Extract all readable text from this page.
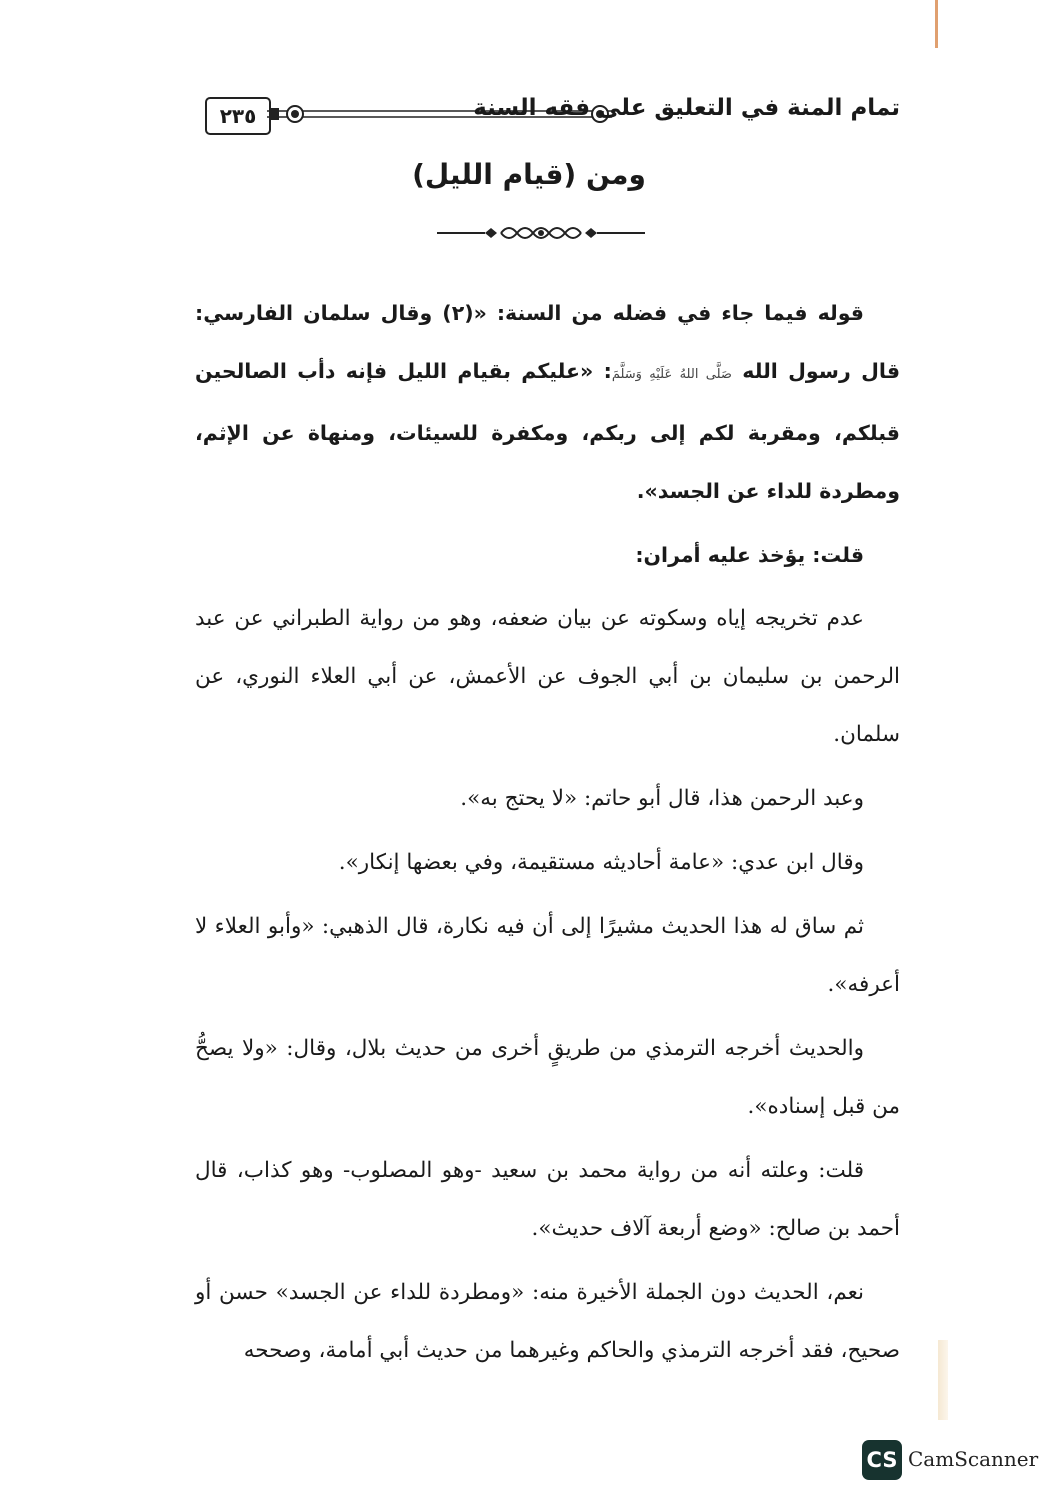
٢٣٥	تمام المنة في التعليق على فقه السنة
ومن (قيام الليل)

قوله فيما جاء في فضله من السنة: «(٢) وقال سلمان الفارسي: قال رسول الله صَلَّى اللهُ عَلَيْهِ وَسَلَّمَ: «عليكم بقيام الليل فإنه دأب الصالحين قبلكم، ومقربة لكم إلى ربكم، ومكفرة للسيئات، ومنهاة عن الإثم، ومطردة للداء عن الجسد».

قلت: يؤخذ عليه أمران:

عدم تخريجه إياه وسكوته عن بيان ضعفه، وهو من رواية الطبراني عن عبد الرحمن بن سليمان بن أبي الجوف عن الأعمش، عن أبي العلاء النوري، عن سلمان.

وعبد الرحمن هذا، قال أبو حاتم: «لا يحتج به».

وقال ابن عدي: «عامة أحاديثه مستقيمة، وفي بعضها إنكار».

ثم ساق له هذا الحديث مشيرًا إلى أن فيه نكارة، قال الذهبي: «وأبو العلاء لا أعرفه».

والحديث أخرجه الترمذي من طريقٍ أخرى من حديث بلال، وقال: «ولا يصحُّ من قبل إسناده».

قلت: وعلته أنه من رواية محمد بن سعيد -وهو المصلوب- وهو كذاب، قال أحمد بن صالح: «وضع أربعة آلاف حديث».

نعم، الحديث دون الجملة الأخيرة منه: «ومطردة للداء عن الجسد» حسن أو صحيح، فقد أخرجه الترمذي والحاكم وغيرهما من حديث أبي أمامة، وصححه

CS CamScanner
